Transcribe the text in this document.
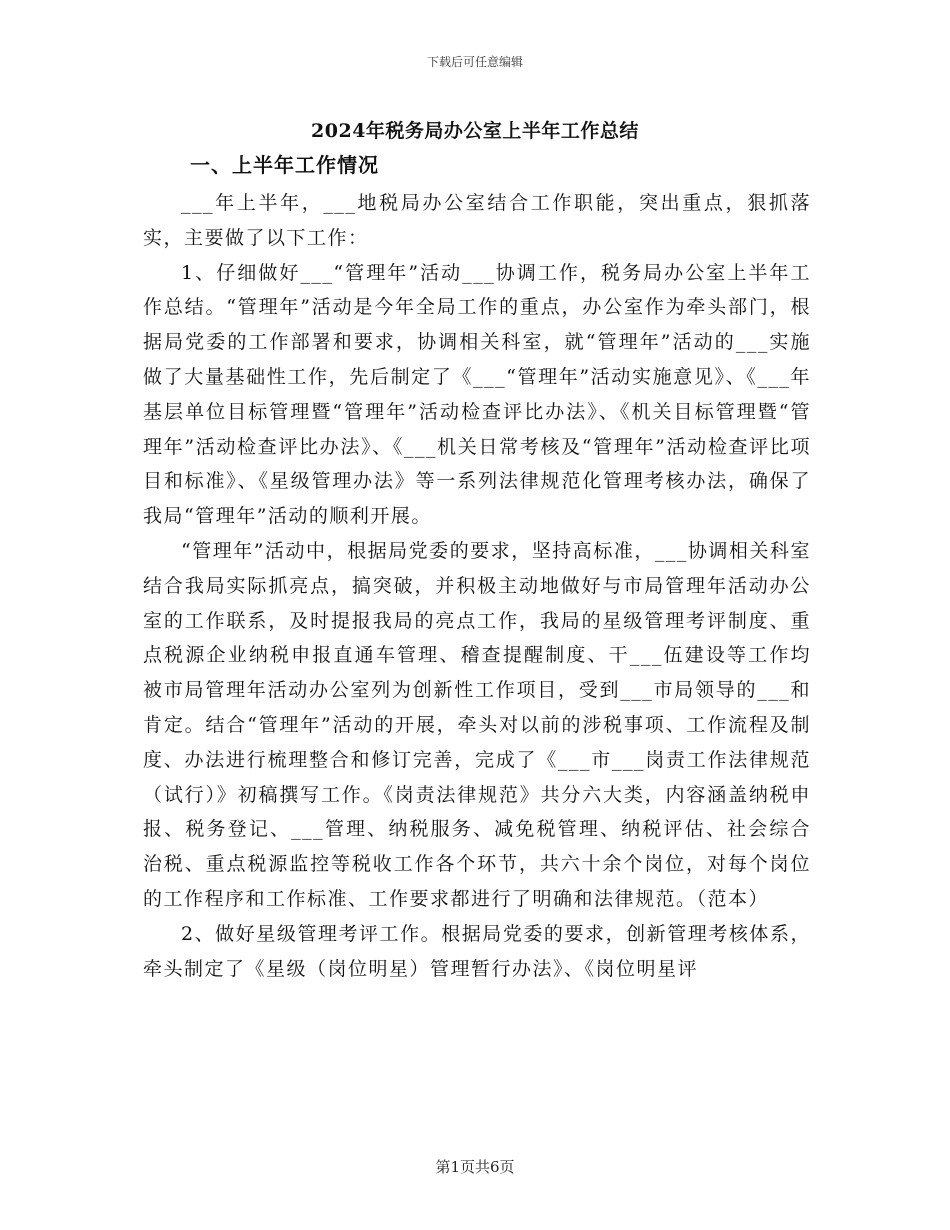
下载后可任意编辑
2024年税务局办公室上半年工作总结
一、上半年工作情况

___年上半年，___地税局办公室结合工作职能，突出重点，狠抓落实，主要做了以下工作：

1、仔细做好___“管理年”活动___协调工作，税务局办公室上半年工作总结。“管理年”活动是今年全局工作的重点，办公室作为牵头部门，根据局党委的工作部署和要求，协调相关科室，就“管理年”活动的___实施做了大量基础性工作，先后制定了《___“管理年”活动实施意见》、《___年基层单位目标管理暨“管理年”活动检查评比办法》、《机关目标管理暨“管理年”活动检查评比办法》、《___机关日常考核及“管理年”活动检查评比项目和标准》、《星级管理办法》等一系列法律规范化管理考核办法，确保了我局“管理年”活动的顺利开展。

“管理年”活动中，根据局党委的要求，坚持高标准，___协调相关科室结合我局实际抓亮点，搞突破，并积极主动地做好与市局管理年活动办公室的工作联系，及时提报我局的亮点工作，我局的星级管理考评制度、重点税源企业纳税申报直通车管理、稽查提醒制度、干___伍建设等工作均被市局管理年活动办公室列为创新性工作项目，受到___市局领导的___和肯定。结合“管理年”活动的开展，牵头对以前的涉税事项、工作流程及制度、办法进行梳理整合和修订完善，完成了《___市___岗责工作法律规范（试行）》初稿撰写工作。《岗责法律规范》共分六大类，内容涵盖纳税申报、税务登记、___管理、纳税服务、减免税管理、纳税评估、社会综合治税、重点税源监控等税收工作各个环节，共六十余个岗位，对每个岗位的工作程序和工作标准、工作要求都进行了明确和法律规范。（范本）

2、做好星级管理考评工作。根据局党委的要求，创新管理考核体系，牵头制定了《星级（岗位明星）管理暂行办法》、《岗位明星评

第1页共6页
